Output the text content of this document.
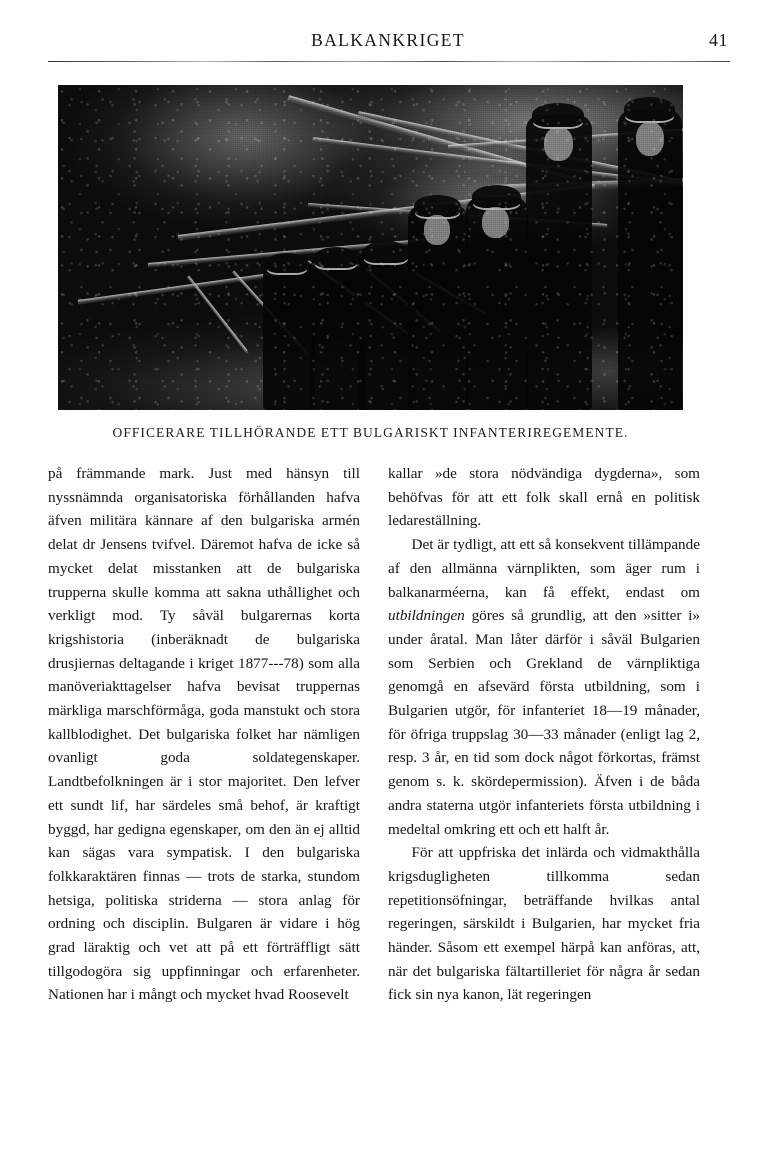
BALKANKRIGET	41
OFFICERARE TILLHÖRANDE ETT BULGARISKT INFANTERIREGEMENTE.

på främmande mark. Just med hänsyn till nyssnämnda organisatoriska förhållanden hafva äfven militära kännare af den bulgariska armén delat dr Jensens tvifvel. Däremot hafva de icke så mycket delat misstanken att de bulgariska trupperna skulle komma att sakna uthållighet och verkligt mod. Ty såväl bulgarernas korta krigshistoria (inberäknadt de bulgariska drusjiernas deltagande i kriget 1877---78) som alla manöveriakttagelser hafva bevisat truppernas märkliga marschförmåga, goda manstukt och stora kallblodighet. Det bulgariska folket har nämligen ovanligt goda soldategenskaper. Landtbefolkningen är i stor majoritet. Den lefver ett sundt lif, har särdeles små behof, är kraftigt byggd, har gedigna egenskaper, om den än ej alltid kan sägas vara sympatisk. I den bulgariska folkkaraktären finnas — trots de starka, stundom hetsiga, politiska striderna — stora anlag för ordning och disciplin. Bulgaren är vidare i hög grad läraktig och vet att på ett förträffligt sätt tillgodogöra sig uppfinningar och erfarenheter. Nationen har i mångt och mycket hvad Roosevelt

kallar »de stora nödvändiga dygderna», som behöfvas för att ett folk skall ernå en politisk ledareställning.

Det är tydligt, att ett så konsekvent tillämpande af den allmänna värnplikten, som äger rum i balkanarméerna, kan få effekt, endast om utbildningen göres så grundlig, att den »sitter i» under åratal. Man låter därför i såväl Bulgarien som Serbien och Grekland de värnpliktiga genomgå en afsevärd första utbildning, som i Bulgarien utgör, för infanteriet 18—19 månader, för öfriga truppslag 30—33 månader (enligt lag 2, resp. 3 år, en tid som dock något förkortas, främst genom s. k. skördepermission). Äfven i de båda andra staterna utgör infanteriets första utbildning i medeltal omkring ett och ett halft år.

För att uppfriska det inlärda och vidmakthålla krigsdugligheten tillkomma sedan repetitionsöfningar, beträffande hvilkas antal regeringen, särskildt i Bulgarien, har mycket fria händer. Såsom ett exempel härpå kan anföras, att, när det bulgariska fältartilleriet för några år sedan fick sin nya kanon, lät regeringen
